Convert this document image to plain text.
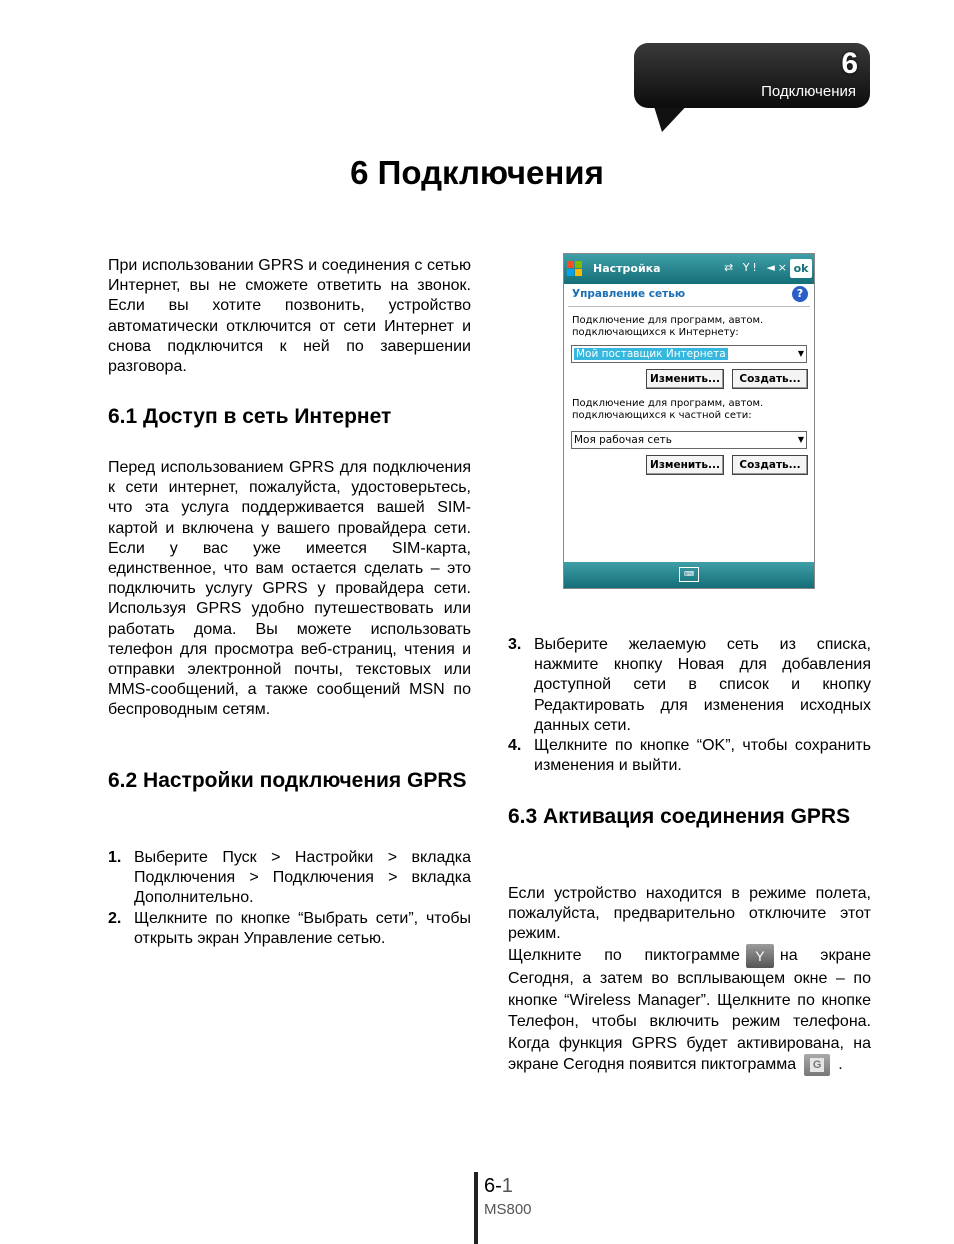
6
Подключения
6 Подключения
При использовании GPRS и соединения с сетью Интернет, вы не сможете ответить на звонок. Если вы хотите позвонить, устройство автоматически отключится от сети Интернет и снова подключится к ней по завершении разговора.
6.1 Доступ в сеть Интернет
Перед использованием GPRS для подключения к сети интернет, пожалуйста, удостоверьтесь, что эта услуга поддерживается вашей SIM-картой и включена у вашего провайдера сети. Если у вас уже имеется SIM-карта, единственное, что вам остается сделать – это подключить услугу GPRS у провайдера сети. Используя GPRS удобно путешествовать или работать дома. Вы можете использовать телефон для просмотра веб-страниц, чтения и отправки электронной почты, текстовых или MMS-сообщений, а также сообщений MSN по беспроводным сетям.
6.2 Настройки подключения GPRS
1. Выберите Пуск > Настройки > вкладка Подключения > Подключения > вкладка Дополнительно.
2. Щелкните по кнопке “Выбрать сети”, чтобы открыть экран Управление сетью.
Настройка	⇄ Y! ◄× ok
Управление сетью	?
Подключение для программ, автом. подключающихся к Интернету:
Мой поставщик Интернета	▼
Изменить...	Создать...
Подключение для программ, автом. подключающихся к частной сети:
Моя рабочая сеть	▼
Изменить...	Создать...
⌨
3. Выберите желаемую сеть из списка, нажмите кнопку Новая для добавления доступной сети в список и кнопку Редактировать для изменения исходных данных сети.
4. Щелкните по кнопке “OK”, чтобы сохранить изменения и выйти.
6.3 Активация соединения GPRS
Если устройство находится в режиме полета, пожалуйста, предварительно отключите этот режим.
Щелкните по пиктограмме Y на экране Сегодня, а затем во всплывающем окне – по кнопке “Wireless Manager”. Щелкните по кнопке Телефон, чтобы включить режим телефона. Когда функция GPRS будет активирована, на экране Сегодня появится пиктограмма G .
6-1
MS800
